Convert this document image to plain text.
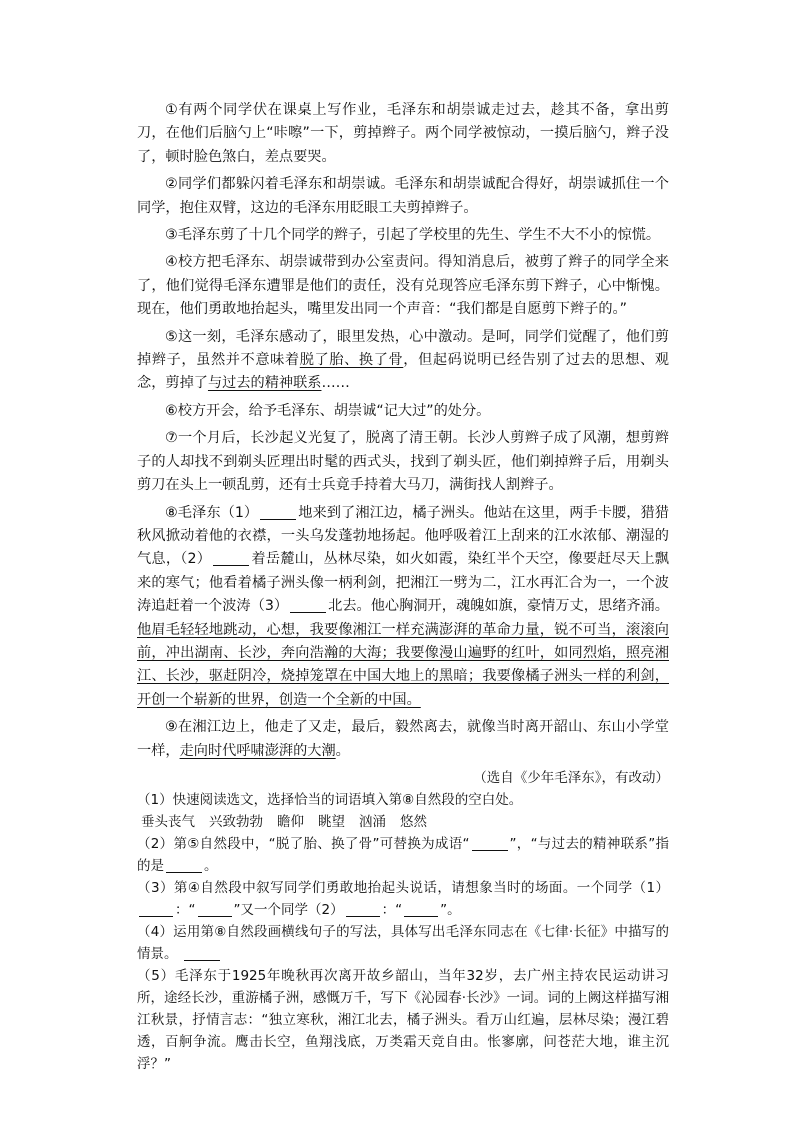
①有两个同学伏在课桌上写作业，毛泽东和胡崇诚走过去，趁其不备，拿出剪刀，在他们后脑勺上“咔嚓”一下，剪掉辫子。两个同学被惊动，一摸后脑勺，辫子没了，顿时脸色煞白，差点要哭。

②同学们都躲闪着毛泽东和胡崇诚。毛泽东和胡崇诚配合得好，胡崇诚抓住一个同学，抱住双臂，这边的毛泽东用眨眼工夫剪掉辫子。

③毛泽东剪了十几个同学的辫子，引起了学校里的先生、学生不大不小的惊慌。

④校方把毛泽东、胡崇诚带到办公室责问。得知消息后，被剪了辫子的同学全来了，他们觉得毛泽东遭罪是他们的责任，没有兑现答应毛泽东剪下辫子，心中惭愧。现在，他们勇敢地抬起头，嘴里发出同一个声音：“我们都是自愿剪下辫子的。”

⑤这一刻，毛泽东感动了，眼里发热，心中激动。是呵，同学们觉醒了，他们剪掉辫子，虽然并不意味着脱了胎、换了骨，但起码说明已经告别了过去的思想、观念，剪掉了与过去的精神联系……

⑥校方开会，给予毛泽东、胡崇诚“记大过”的处分。

⑦一个月后，长沙起义光复了，脱离了清王朝。长沙人剪辫子成了风潮，想剪辫子的人却找不到剃头匠理出时髦的西式头，找到了剃头匠，他们剃掉辫子后，用剃头剪刀在头上一顿乱剪，还有士兵竟手持着大马刀，满街找人割辫子。

⑧毛泽东（1）	地来到了湘江边，橘子洲头。他站在这里，两手卡腰，猎猎秋风掀动着他的衣襟，一头乌发蓬勃地扬起。他呼吸着江上刮来的江水浓郁、潮湿的气息，（2）	着岳麓山，丛林尽染，如火如霞，染红半个天空，像要赶尽天上飘来的寒气；他看着橘子洲头像一柄利剑，把湘江一劈为二，江水再汇合为一，一个波涛追赶着一个波涛（3）	北去。他心胸洞开，魂魄如旗，豪情万丈，思绪齐涌。他眉毛轻轻地跳动，心想，我要像湘江一样充满澎湃的革命力量，锐不可当，滚滚向前，冲出湖南、长沙，奔向浩瀚的大海；我要像漫山遍野的红叶，如同烈焰，照亮湘江、长沙，驱赶阴冷，烧掉笼罩在中国大地上的黑暗；我要像橘子洲头一样的利剑，开创一个崭新的世界，创造一个全新的中国。

⑨在湘江边上，他走了又走，最后，毅然离去，就像当时离开韶山、东山小学堂一样，走向时代呼啸澎湃的大潮。

（选自《少年毛泽东》，有改动）

（1）快速阅读选文，选择恰当的词语填入第⑧自然段的空白处。

垂头丧气 兴致勃勃 瞻仰 眺望 汹涌 悠然

（2）第⑤自然段中，“脱了胎、换了骨”可替换为成语“	”，“与过去的精神联系”指的是	。

（3）第④自然段中叙写同学们勇敢地抬起头说话，请想象当时的场面。一个同学（1）：“	”又一个同学（2）	：“	”。

（4）运用第⑧自然段画横线句子的写法，具体写出毛泽东同志在《七律·长征》中描写的情景。

（5）毛泽东于1925年晚秋再次离开故乡韶山，当年32岁，去广州主持农民运动讲习所，途经长沙，重游橘子洲，感慨万千，写下《沁园春·长沙》一词。词的上阙这样描写湘江秋景，抒情言志：“独立寒秋，湘江北去，橘子洲头。看万山红遍，层林尽染；漫江碧透，百舸争流。鹰击长空，鱼翔浅底，万类霜天竞自由。怅寥廓，问苍茫大地，谁主沉浮？”
